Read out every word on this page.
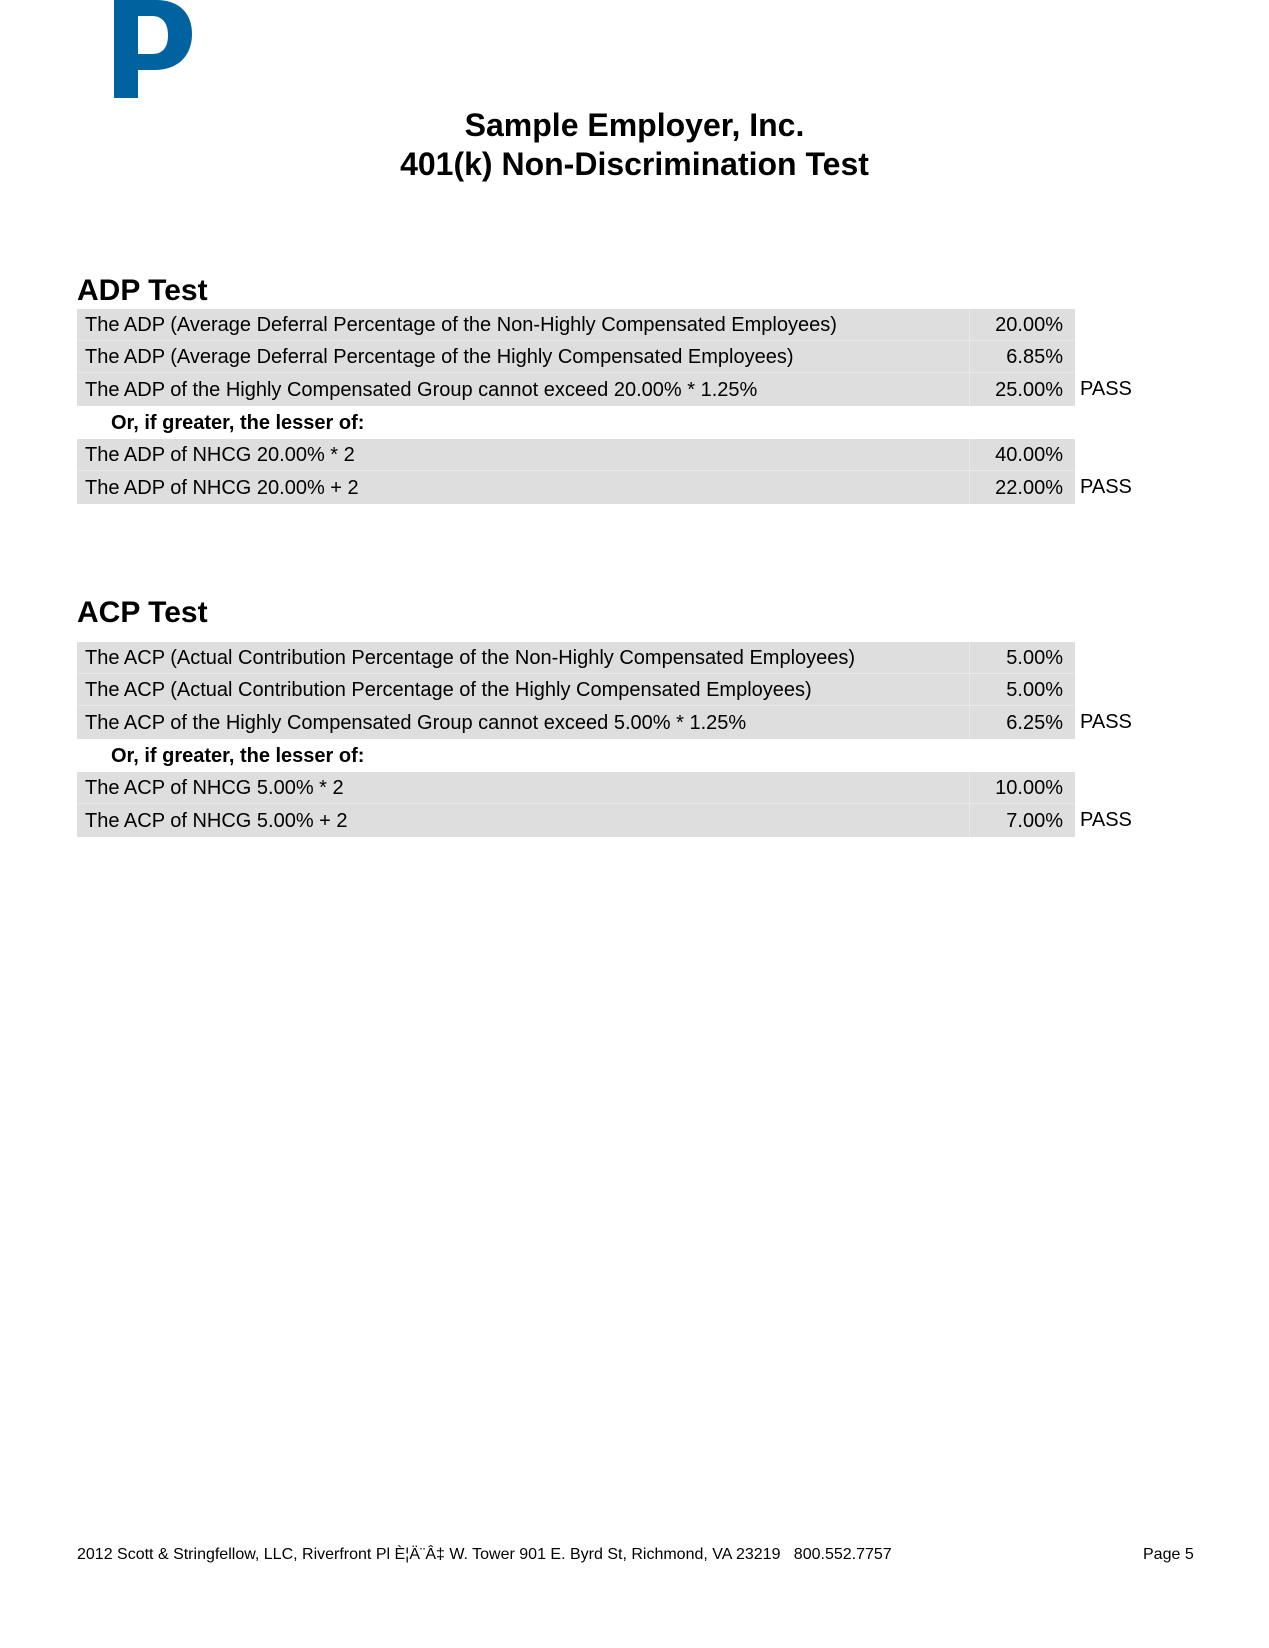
Sample Employer, Inc.
401(k) Non-Discrimination Test
ADP Test
The ADP (Average Deferral Percentage of the Non-Highly Compensated Employees)	20.00%	
The ADP (Average Deferral Percentage of the Highly Compensated Employees)	6.85%	
The ADP of the Highly Compensated Group cannot exceed 20.00% * 1.25%	25.00%	PASS
Or, if greater, the lesser of:		
The ADP of NHCG 20.00% * 2	40.00%	
The ADP of NHCG 20.00% + 2	22.00%	PASS
ACP Test
The ACP (Actual Contribution Percentage of the Non-Highly Compensated Employees)	5.00%	
The ACP (Actual Contribution Percentage of the Highly Compensated Employees)	5.00%	
The ACP of the Highly Compensated Group cannot exceed 5.00% * 1.25%	6.25%	PASS
Or, if greater, the lesser of:		
The ACP of NHCG 5.00% * 2	10.00%	
The ACP of NHCG 5.00% + 2	7.00%	PASS
2012 Scott & Stringfellow, LLC, Riverfront Pl È¦Ä¨Â‡ W. Tower 901 E. Byrd St, Richmond, VA 23219   800.552.7757	Page 5
